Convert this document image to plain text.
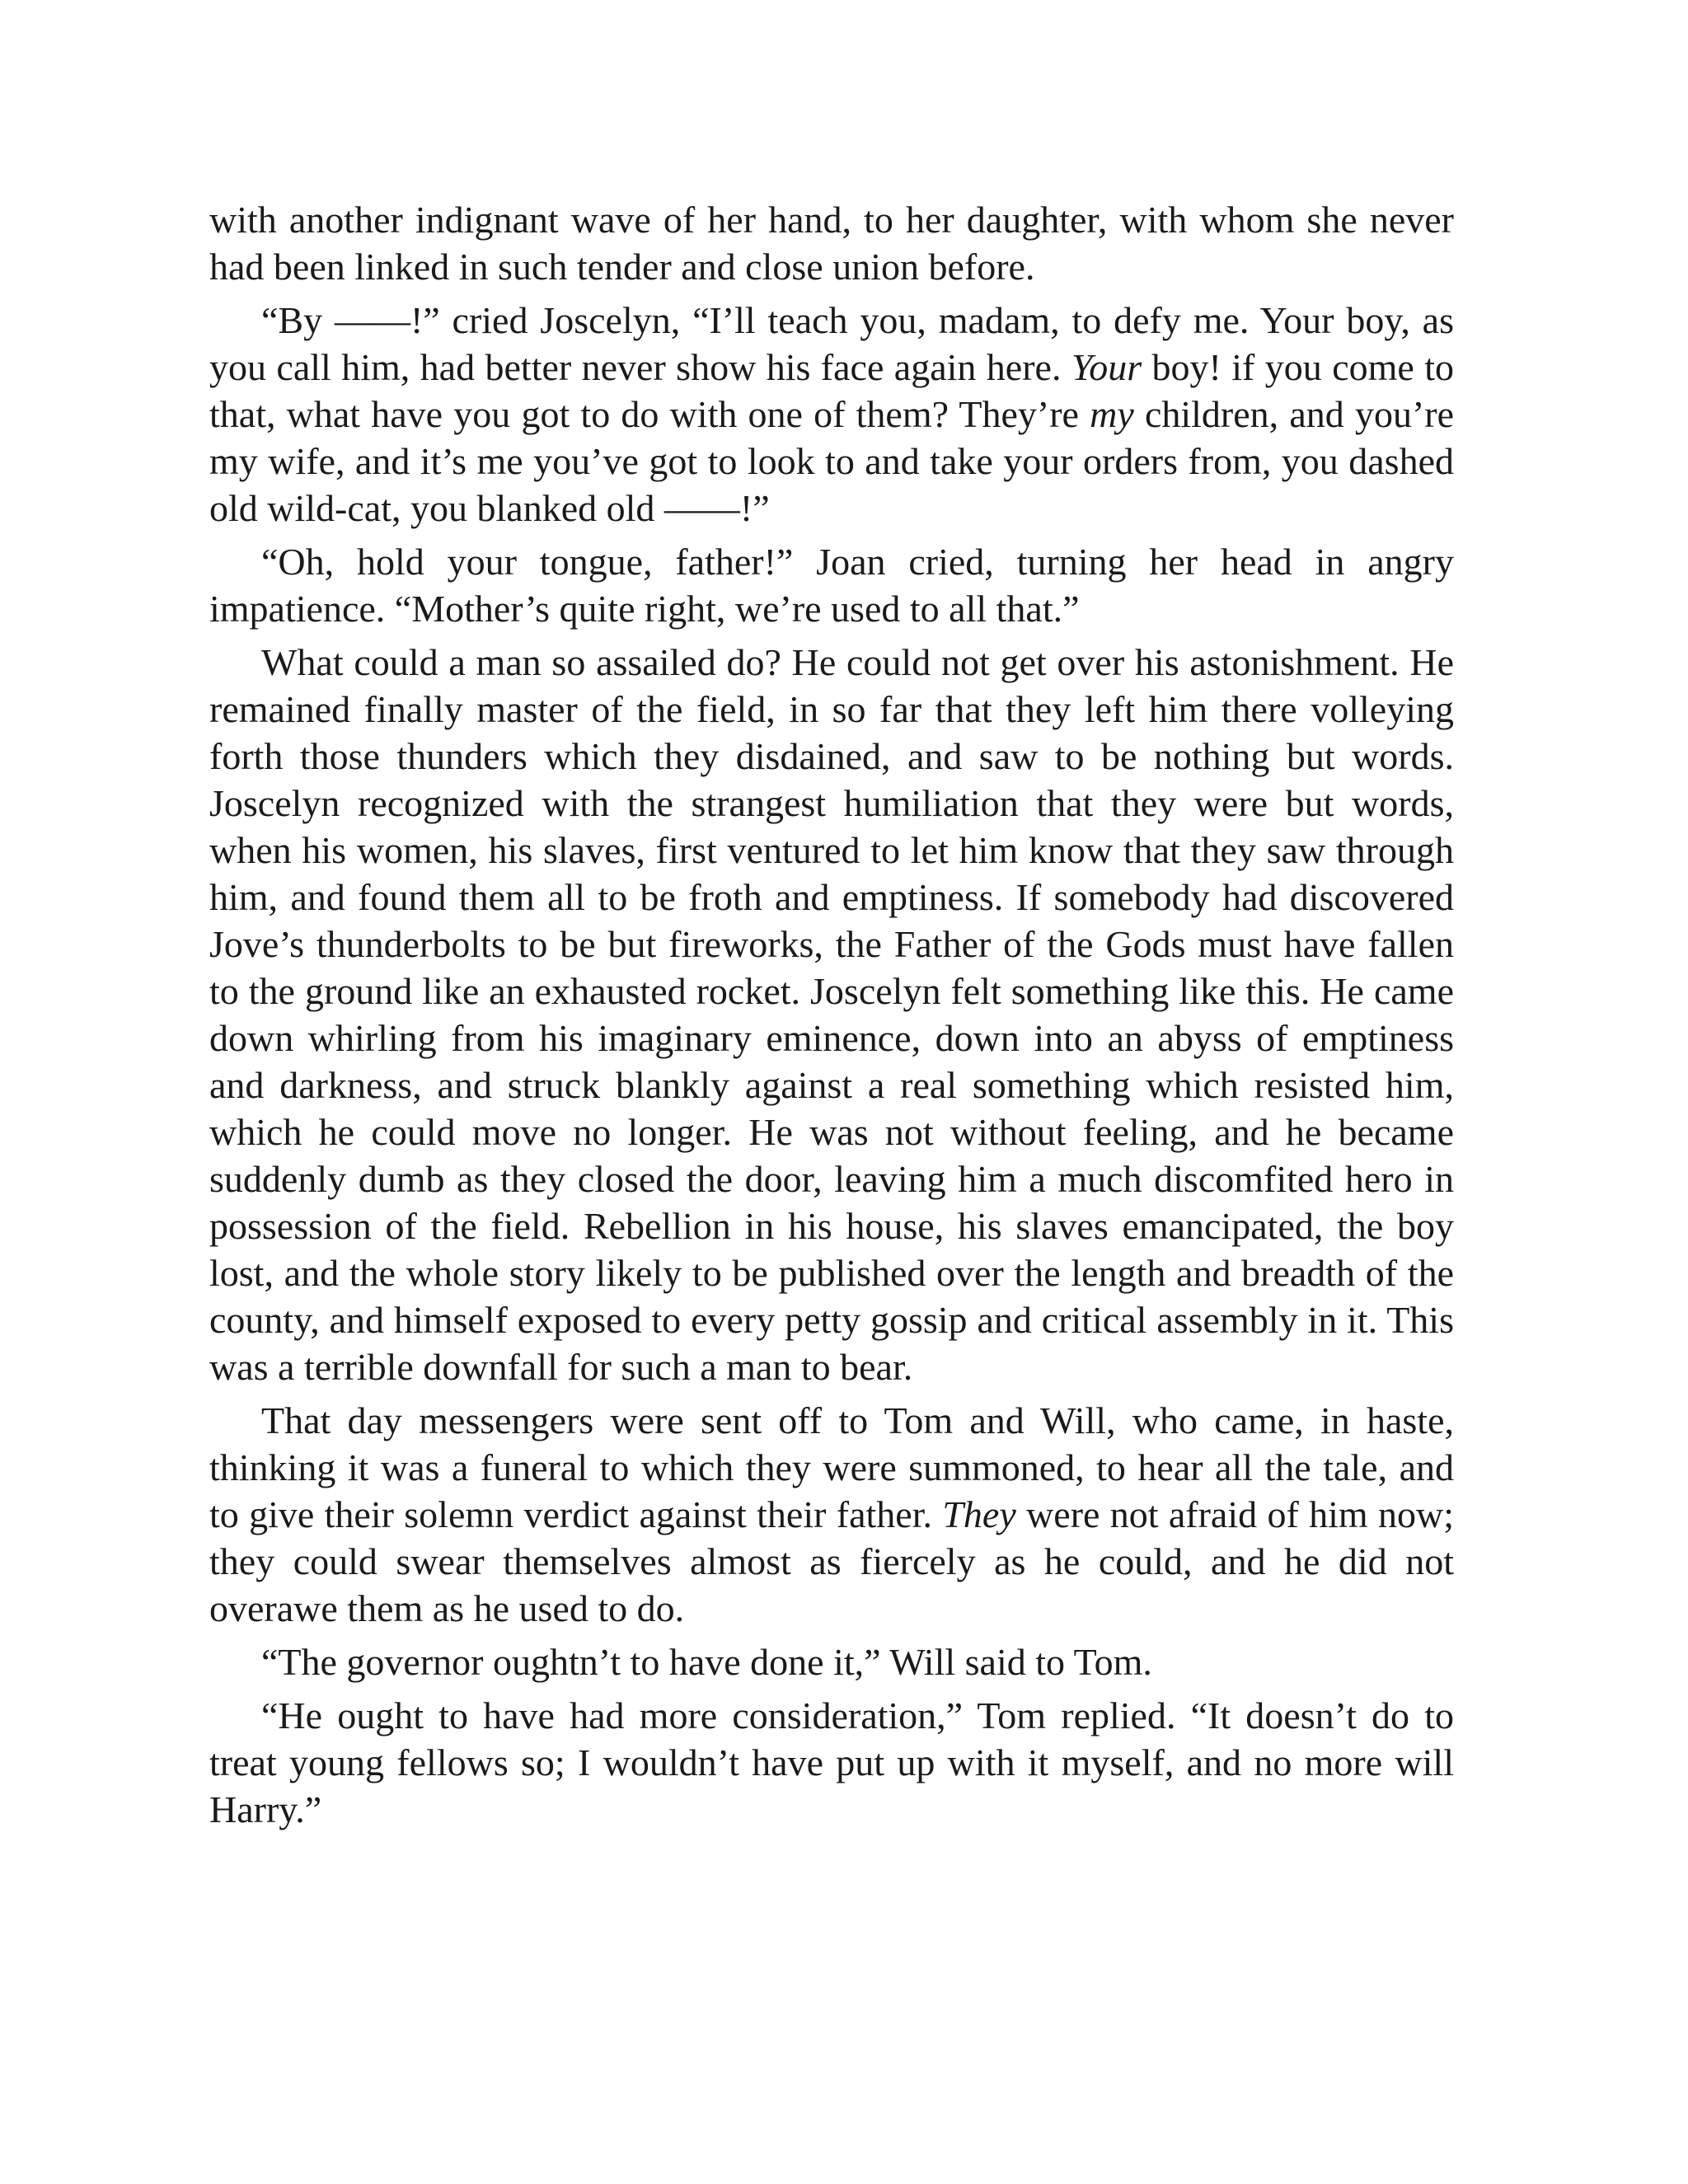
with another indignant wave of her hand, to her daughter, with whom she never had been linked in such tender and close union before.

“By ——!” cried Joscelyn, “I’ll teach you, madam, to defy me. Your boy, as you call him, had better never show his face again here. Your boy! if you come to that, what have you got to do with one of them? They’re my children, and you’re my wife, and it’s me you’ve got to look to and take your orders from, you dashed old wild-cat, you blanked old ——!”

“Oh, hold your tongue, father!” Joan cried, turning her head in angry impatience. “Mother’s quite right, we’re used to all that.”

What could a man so assailed do? He could not get over his astonishment. He remained finally master of the field, in so far that they left him there volleying forth those thunders which they disdained, and saw to be nothing but words. Joscelyn recognized with the strangest humiliation that they were but words, when his women, his slaves, first ventured to let him know that they saw through him, and found them all to be froth and emptiness. If somebody had discovered Jove’s thunderbolts to be but fireworks, the Father of the Gods must have fallen to the ground like an exhausted rocket. Joscelyn felt something like this. He came down whirling from his imaginary eminence, down into an abyss of emptiness and darkness, and struck blankly against a real something which resisted him, which he could move no longer. He was not without feeling, and he became suddenly dumb as they closed the door, leaving him a much discomfited hero in possession of the field. Rebellion in his house, his slaves emancipated, the boy lost, and the whole story likely to be published over the length and breadth of the county, and himself exposed to every petty gossip and critical assembly in it. This was a terrible downfall for such a man to bear.

That day messengers were sent off to Tom and Will, who came, in haste, thinking it was a funeral to which they were summoned, to hear all the tale, and to give their solemn verdict against their father. They were not afraid of him now; they could swear themselves almost as fiercely as he could, and he did not overawe them as he used to do.

“The governor oughtn’t to have done it,” Will said to Tom.

“He ought to have had more consideration,” Tom replied. “It doesn’t do to treat young fellows so; I wouldn’t have put up with it myself, and no more will Harry.”
